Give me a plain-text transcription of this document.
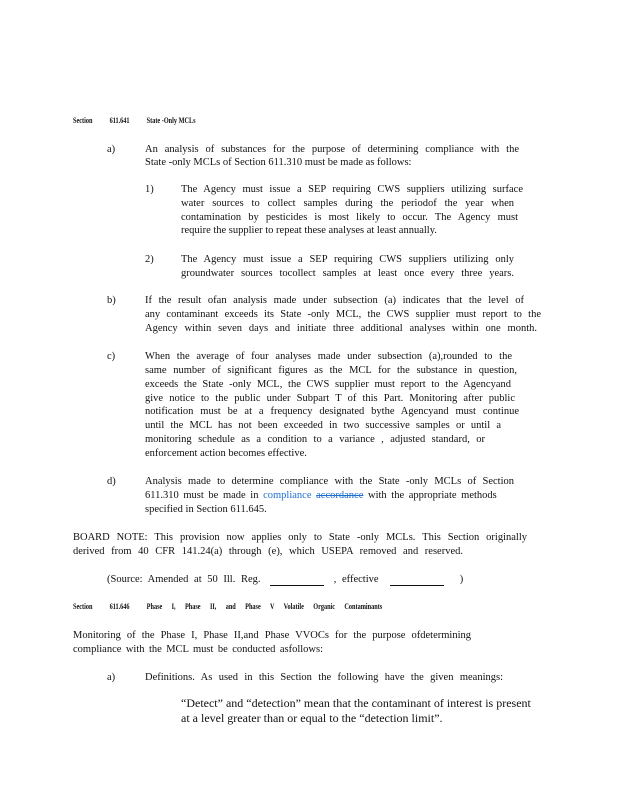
Section 611.641 State -Only MCLs
a)	An analysis of substances for the purpose of determining compliance with the
State -only MCLs of Section 611.310 must be made as follows:
1)	The Agency must issue a SEP requiring CWS suppliers utilizing surface
water sources to collect samples during the periodof the year when
contamination by pesticides is most likely to occur. The Agency must
require the supplier to repeat these analyses at least annually.
2)	The Agency must issue a SEP requiring CWS suppliers utilizing only
groundwater sources tocollect samples at least once every three years.
b)	If the result ofan analysis made under subsection (a) indicates that the level of
any contaminant exceeds its State -only MCL, the CWS supplier must report to the
Agency within seven days and initiate three additional analyses within one month.
c)	When the average of four analyses made under subsection (a),rounded to the
same number of significant figures as the MCL for the substance in question,
exceeds the State -only MCL, the CWS supplier must report to the Agencyand
give notice to the public under Subpart T of this Part. Monitoring after public
notification must be at a frequency designated bythe Agencyand must continue
until the MCL has not been exceeded in two successive samples or until a
monitoring schedule as a condition to a variance , adjusted standard, or
enforcement action becomes effective.
d)	Analysis made to determine compliance with the State -only MCLs of Section
611.310 must be made in compliance accordance with the appropriate methods
specified in Section 611.645.
BOARD NOTE: This provision now applies only to State -only MCLs. This Section originally
derived from 40 CFR 141.24(a) through (e), which USEPA removed and reserved.
(Source: Amended at 50 Ill. Reg.	, effective	)
Section 611.646 Phase I, Phase II, and Phase V Volatile Organic Contaminants
Monitoring of the Phase I, Phase II,and Phase VVOCs for the purpose ofdetermining
compliance with the MCL must be conducted asfollows:
a)	Definitions. As used in this Section the following have the given meanings:
“Detect” and “detection” mean that the contaminant of interest is present
at a level greater than or equal to the “detection limit”.
